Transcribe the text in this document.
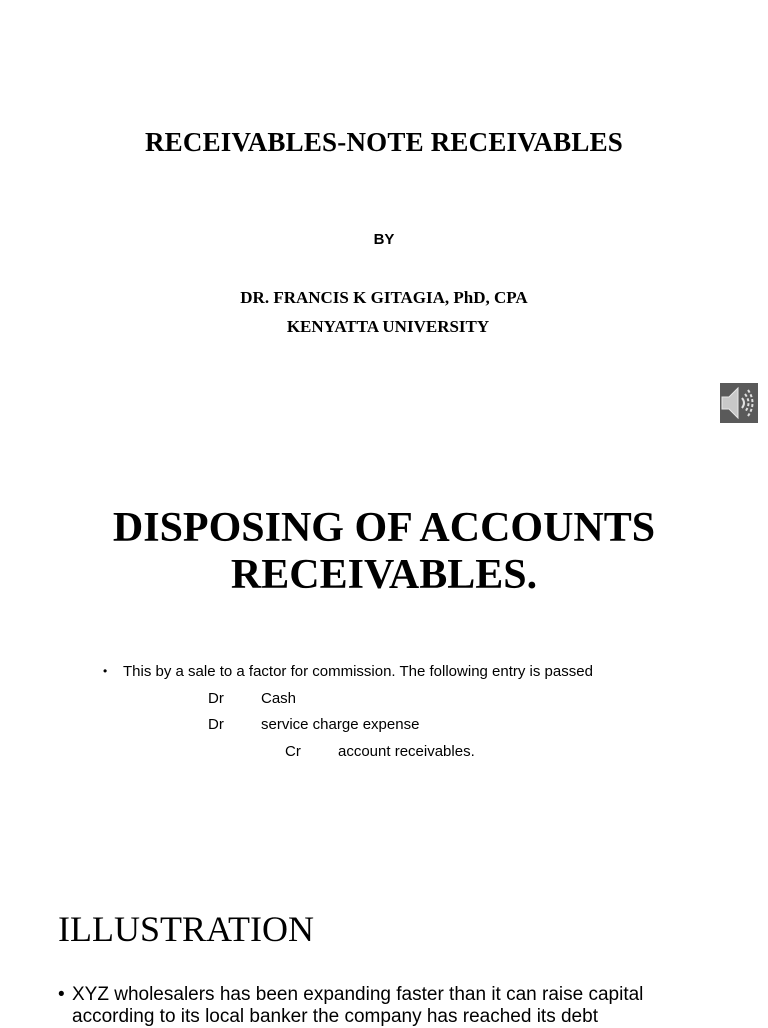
RECEIVABLES-NOTE RECEIVABLES
BY
DR. FRANCIS K GITAGIA, PhD, CPA
KENYATTA UNIVERSITY
DISPOSING OF ACCOUNTS
RECEIVABLES.
• This by a sale to a factor for commission. The following entry is passed
Dr Cash
Dr service charge expense
Cr account receivables.
ILLUSTRATION
• XYZ wholesalers has been expanding faster than it can raise capital
according to its local banker the company has reached its debt
